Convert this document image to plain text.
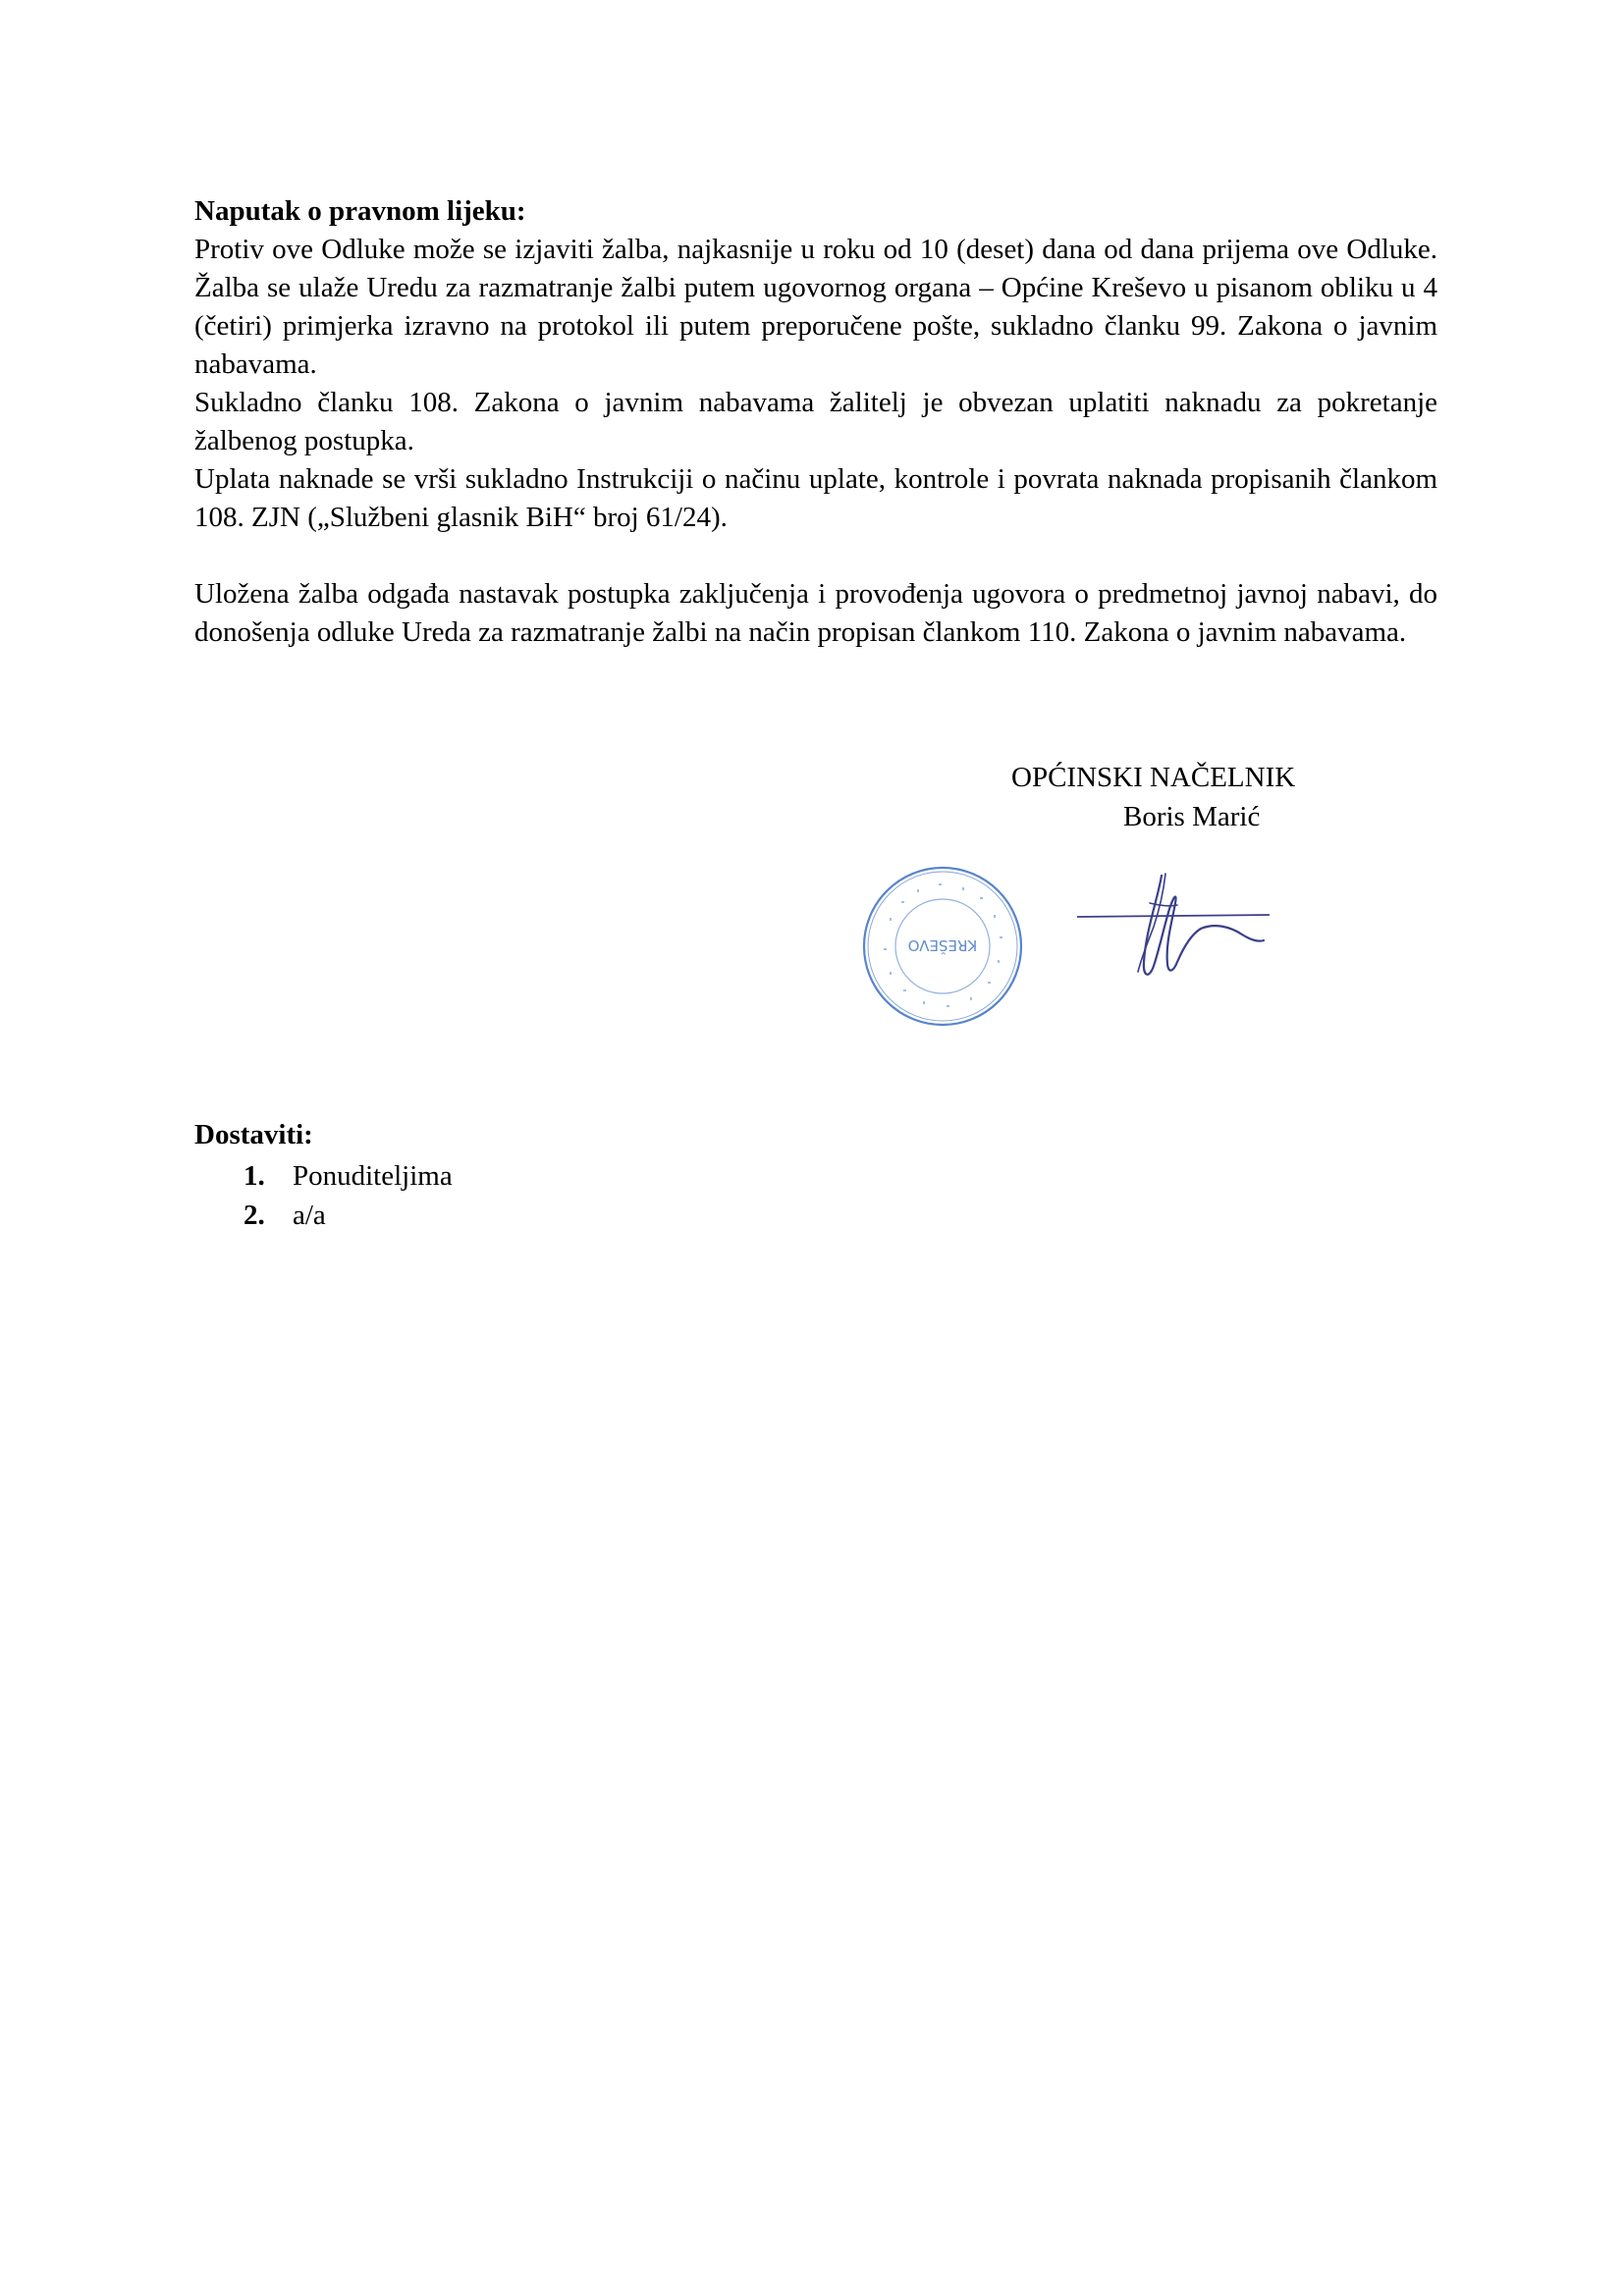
Naputak o pravnom lijeku:

Protiv ove Odluke može se izjaviti žalba, najkasnije u roku od 10 (deset) dana od dana prijema ove Odluke. Žalba se ulaže Uredu za razmatranje žalbi putem ugovornog organa – Općine Kreševo u pisanom obliku u 4 (četiri) primjerka izravno na protokol ili putem preporučene pošte, sukladno članku 99. Zakona o javnim nabavama.

Sukladno članku 108. Zakona o javnim nabavama žalitelj je obvezan uplatiti naknadu za pokretanje žalbenog postupka.

Uplata naknade se vrši sukladno Instrukciji o načinu uplate, kontrole i povrata naknada propisanih člankom 108. ZJN („Službeni glasnik BiH“ broj 61/24).

Uložena žalba odgađa nastavak postupka zaključenja i provođenja ugovora o predmetnoj javnoj nabavi, do donošenja odluke Ureda za razmatranje žalbi na način propisan člankom 110. Zakona o javnim nabavama.

OPĆINSKI NAČELNIK
Boris Marić
KREŠEVO

Dostaviti:

1. Ponuditeljima
2. a/a
